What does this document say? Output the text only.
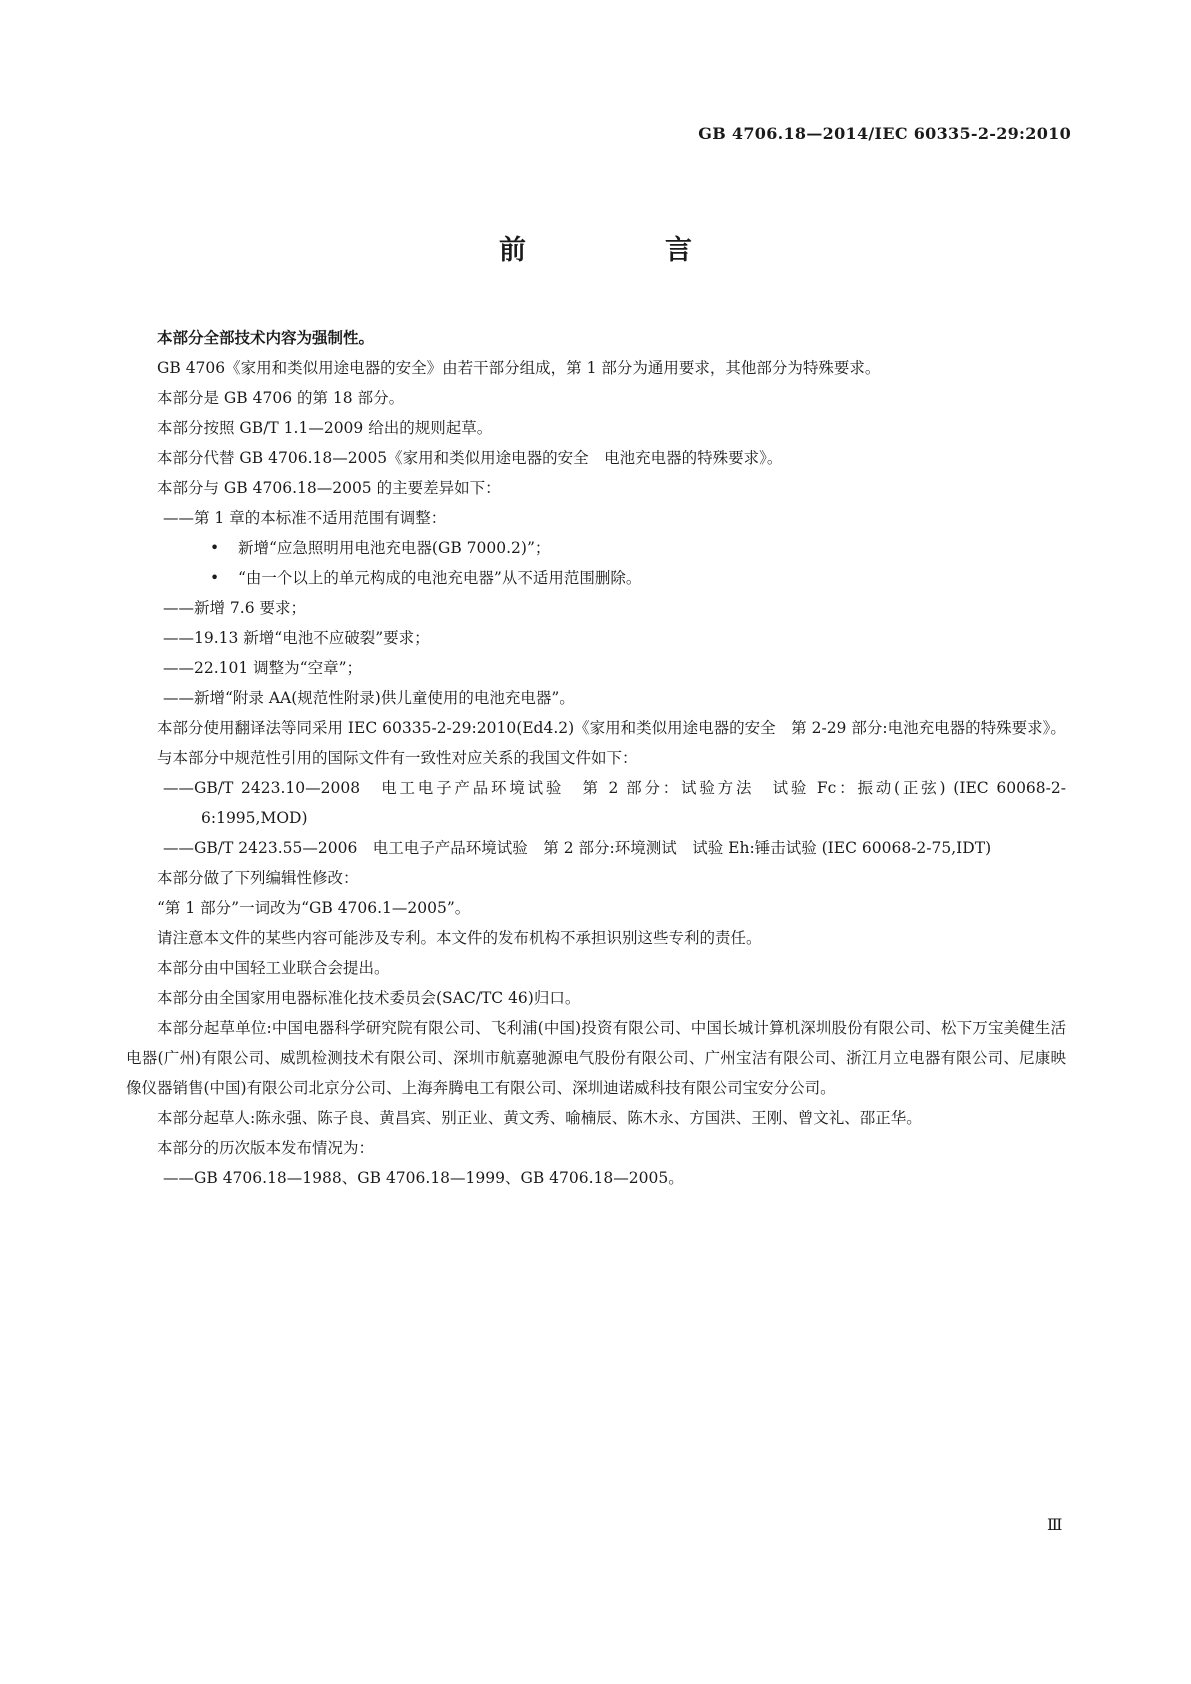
GB 4706.18—2014/IEC 60335-2-29:2010
前　言

本部分全部技术内容为强制性。

GB 4706《家用和类似用途电器的安全》由若干部分组成，第 1 部分为通用要求，其他部分为特殊要求。

本部分是 GB 4706 的第 18 部分。

本部分按照 GB/T 1.1—2009 给出的规则起草。

本部分代替 GB 4706.18—2005《家用和类似用途电器的安全　电池充电器的特殊要求》。

本部分与 GB 4706.18—2005 的主要差异如下：

——第 1 章的本标准不适用范围有调整：

• 新增“应急照明用电池充电器(GB 7000.2)”；

• “由一个以上的单元构成的电池充电器”从不适用范围删除。

——新增 7.6 要求；

——19.13 新增“电池不应破裂”要求；

——22.101 调整为“空章”；

——新增“附录 AA(规范性附录)供儿童使用的电池充电器”。

本部分使用翻译法等同采用 IEC 60335-2-29:2010(Ed4.2)《家用和类似用途电器的安全　第 2-29 部分:电池充电器的特殊要求》。

与本部分中规范性引用的国际文件有一致性对应关系的我国文件如下：

——GB/T 2423.10—2008　电工电子产品环境试验　第 2 部分：试验方法　试验 Fc：振动(正弦) (IEC 60068-2-6:1995,MOD)

——GB/T 2423.55—2006　电工电子产品环境试验　第 2 部分:环境测试　试验 Eh:锤击试验 (IEC 60068-2-75,IDT)

本部分做了下列编辑性修改：

“第 1 部分”一词改为“GB 4706.1—2005”。

请注意本文件的某些内容可能涉及专利。本文件的发布机构不承担识别这些专利的责任。

本部分由中国轻工业联合会提出。

本部分由全国家用电器标准化技术委员会(SAC/TC 46)归口。

本部分起草单位:中国电器科学研究院有限公司、飞利浦(中国)投资有限公司、中国长城计算机深圳股份有限公司、松下万宝美健生活电器(广州)有限公司、威凯检测技术有限公司、深圳市航嘉驰源电气股份有限公司、广州宝洁有限公司、浙江月立电器有限公司、尼康映像仪器销售(中国)有限公司北京分公司、上海奔腾电工有限公司、深圳迪诺威科技有限公司宝安分公司。

本部分起草人:陈永强、陈子良、黄昌宾、别正业、黄文秀、喻楠辰、陈木永、方国洪、王刚、曾文礼、邵正华。

本部分的历次版本发布情况为：

——GB 4706.18—1988、GB 4706.18—1999、GB 4706.18—2005。

Ⅲ
